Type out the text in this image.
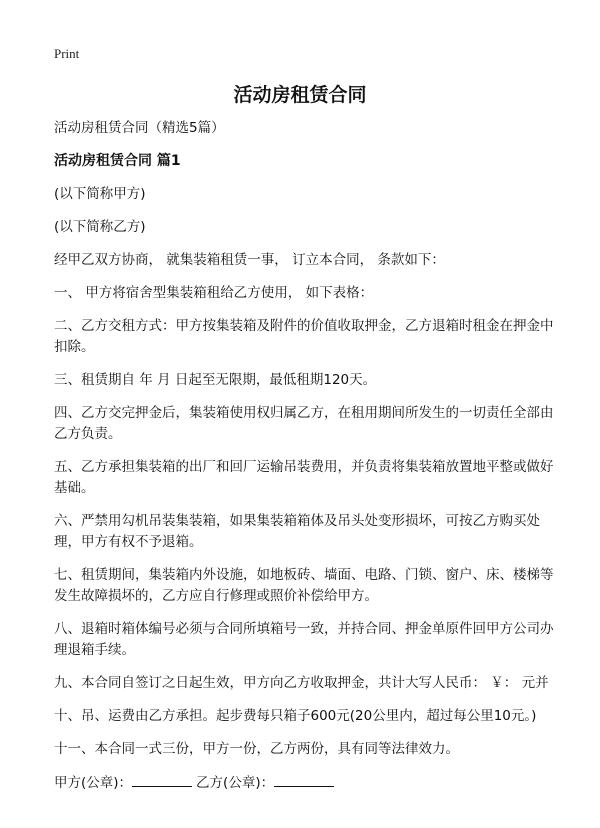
Print
活动房租赁合同

活动房租赁合同（精选5篇）

活动房租赁合同 篇1

(以下简称甲方)

(以下简称乙方)

经甲乙双方协商， 就集装箱租赁一事， 订立本合同， 条款如下：

一、 甲方将宿舍型集装箱租给乙方使用， 如下表格：

二、乙方交租方式：甲方按集装箱及附件的价值收取押金，乙方退箱时租金在押金中扣除。

三、租赁期自 年 月 日起至无限期，最低租期120天。

四、乙方交完押金后，集装箱使用权归属乙方，在租用期间所发生的一切责任全部由乙方负责。

五、乙方承担集装箱的出厂和回厂运输吊装费用，并负责将集装箱放置地平整或做好基础。

六、严禁用勾机吊装集装箱，如果集装箱箱体及吊头处变形损坏，可按乙方购买处理，甲方有权不予退箱。

七、租赁期间，集装箱内外设施，如地板砖、墙面、电路、门锁、窗户、床、楼梯等发生故障损坏的，乙方应自行修理或照价补偿给甲方。

八、退箱时箱体编号必须与合同所填箱号一致，并持合同、押金单原件回甲方公司办理退箱手续。

九、本合同自签订之日起生效，甲方向乙方收取押金，共计大写人民币： ￥： 元并

十、吊、运费由乙方承担。起步费每只箱子600元(20公里内，超过每公里10元。)

十一、本合同一式三份，甲方一份，乙方两份，具有同等法律效力。

甲方(公章)：	乙方(公章)：
